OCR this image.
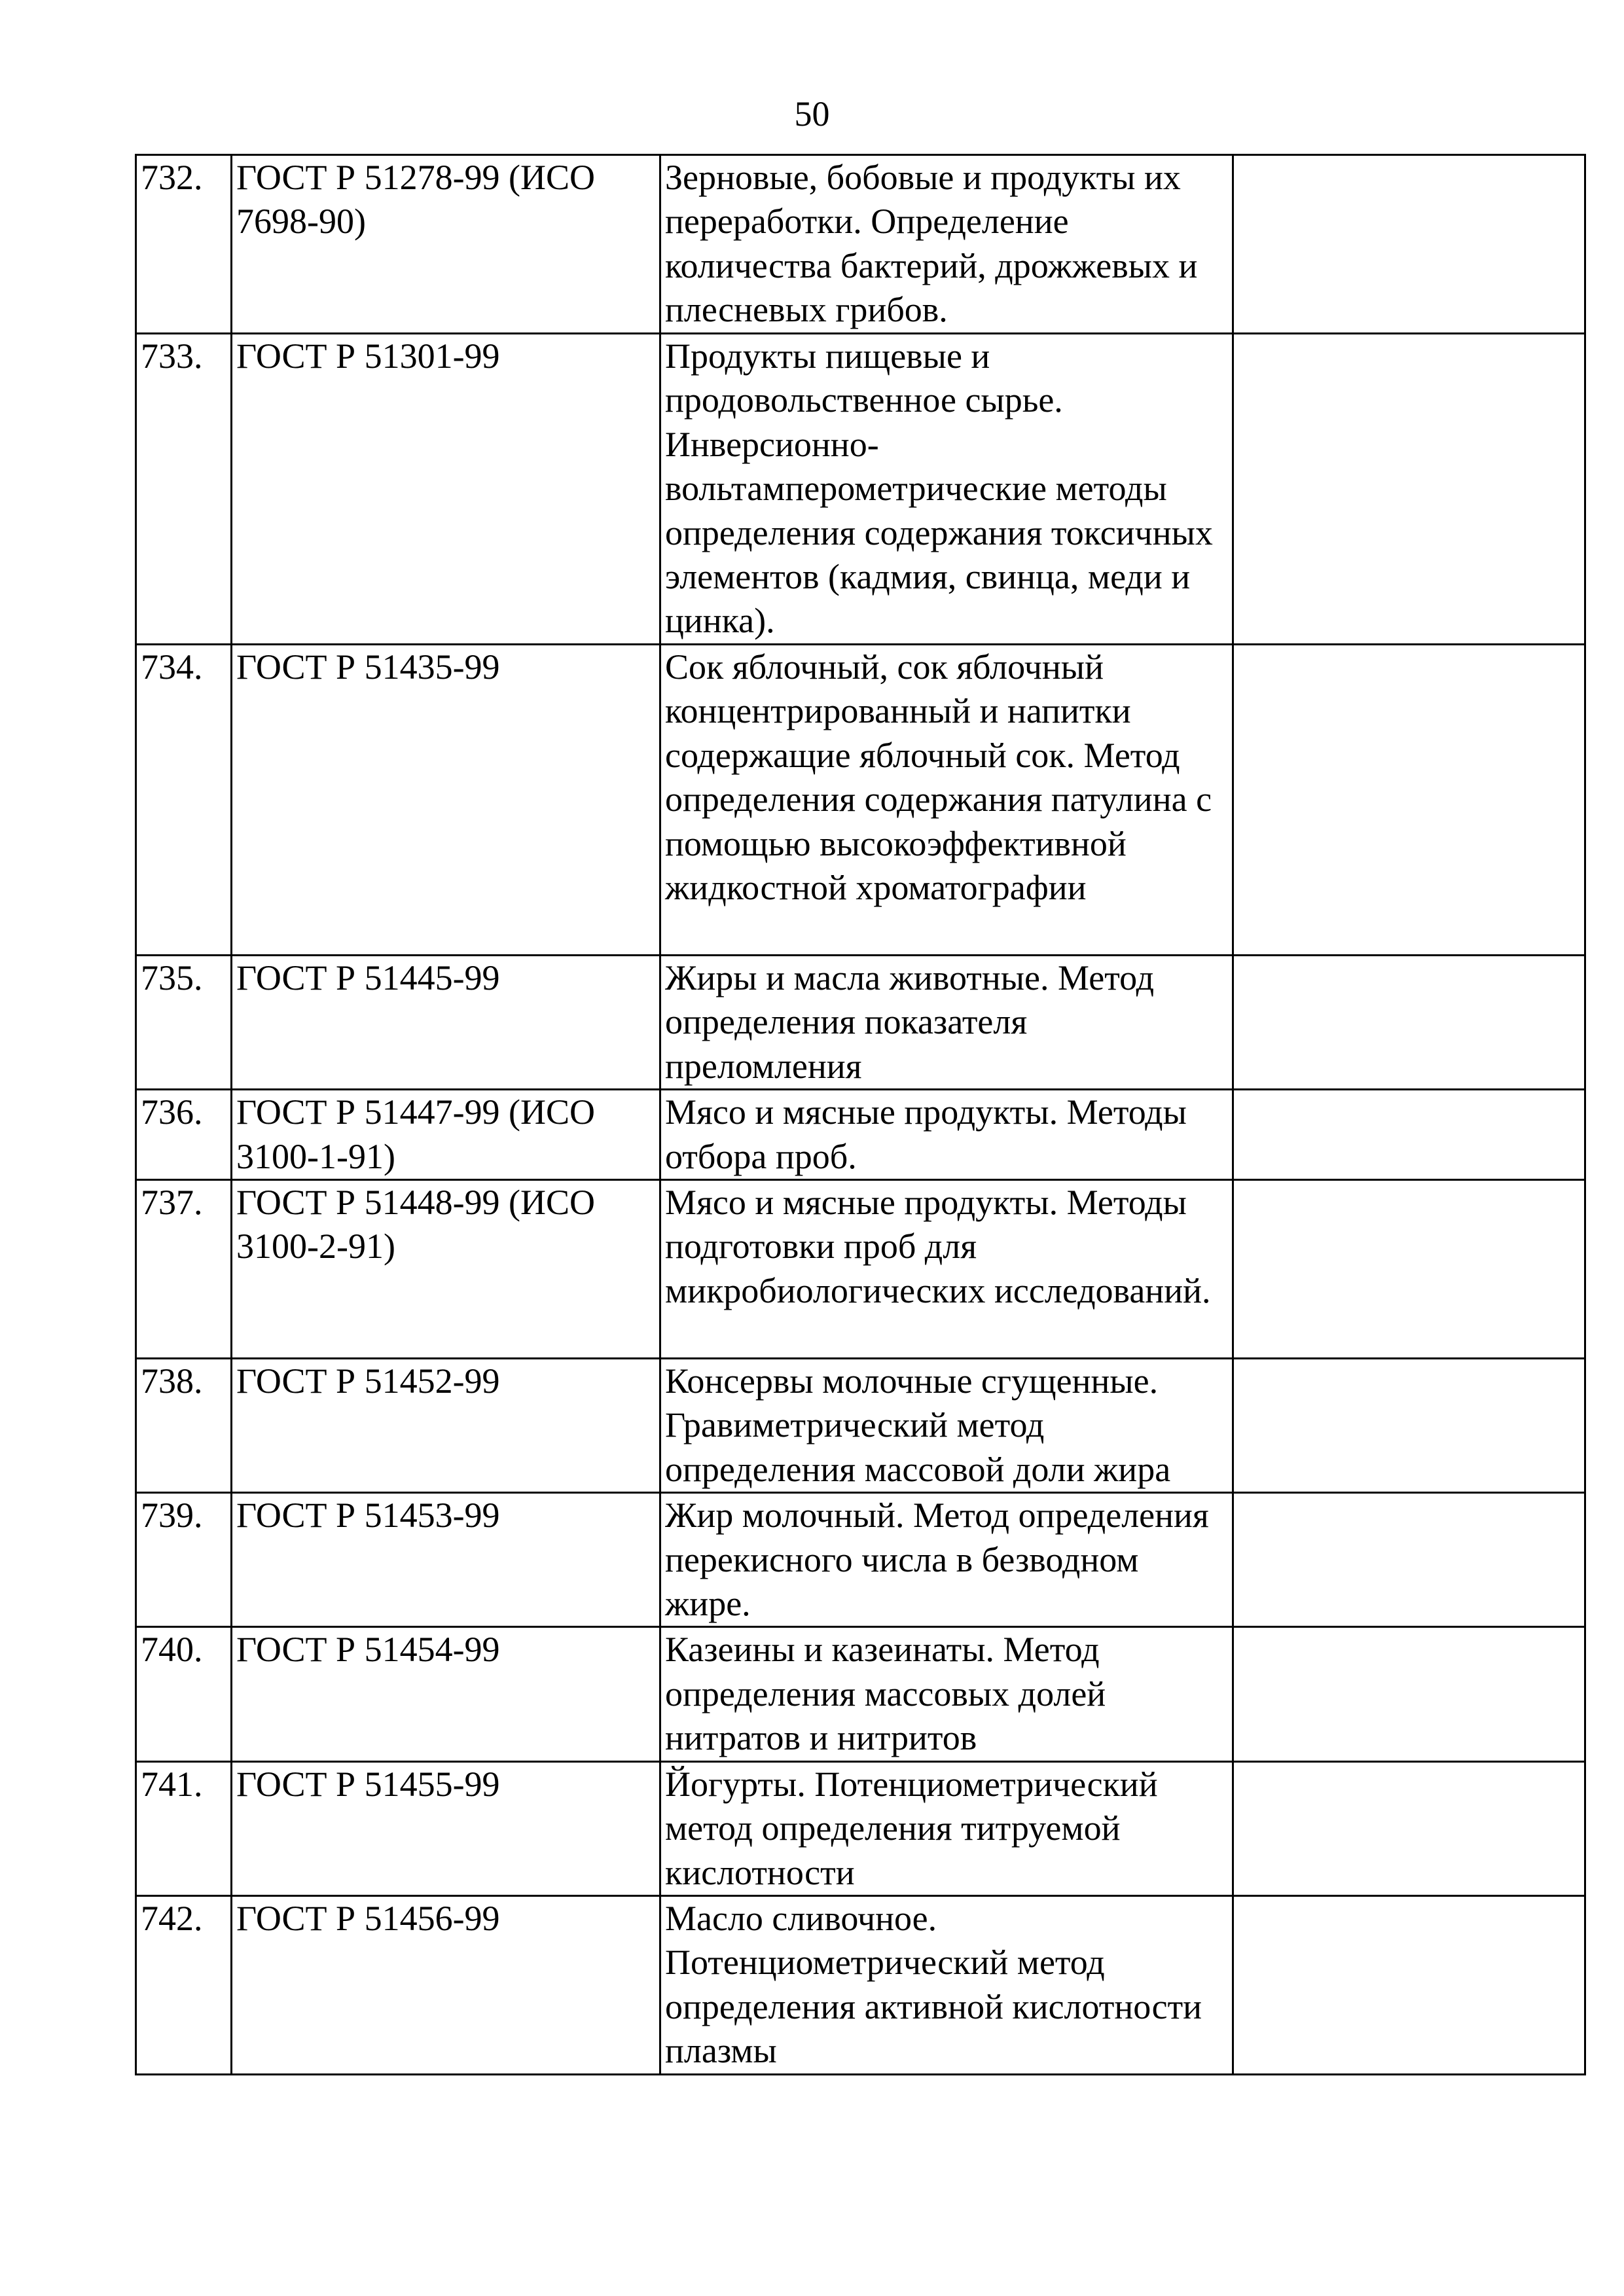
50
732.	ГОСТ Р 51278-99 (ИСО 7698-90)	Зерновые, бобовые и продукты их переработки. Определение количества бактерий, дрожжевых и плесневых грибов.	
733.	ГОСТ Р 51301-99	Продукты пищевые и продовольственное сырье. Инверсионно-вольтамперометрические методы определения содержания токсичных элементов (кадмия, свинца, меди и цинка).	
734.	ГОСТ Р 51435-99	Сок яблочный, сок яблочный концентрированный и напитки содержащие яблочный сок. Метод определения содержания патулина с помощью высокоэффективной жидкостной хроматографии	
735.	ГОСТ Р 51445-99	Жиры и масла животные. Метод определения показателя преломления	
736.	ГОСТ Р 51447-99 (ИСО 3100-1-91)	Мясо и мясные продукты. Методы отбора проб.	
737.	ГОСТ Р 51448-99 (ИСО 3100-2-91)	Мясо и мясные продукты. Методы подготовки проб для микробиологических исследований.	
738.	ГОСТ Р 51452-99	Консервы молочные сгущенные. Гравиметрический метод определения массовой доли жира	
739.	ГОСТ Р 51453-99	Жир молочный. Метод определения перекисного числа в безводном жире.	
740.	ГОСТ Р 51454-99	Казеины и казеинаты. Метод определения массовых долей нитратов и нитритов	
741.	ГОСТ Р 51455-99	Йогурты. Потенциометрический метод определения титруемой кислотности	
742.	ГОСТ Р 51456-99	Масло сливочное. Потенциометрический метод определения активной кислотности плазмы	
